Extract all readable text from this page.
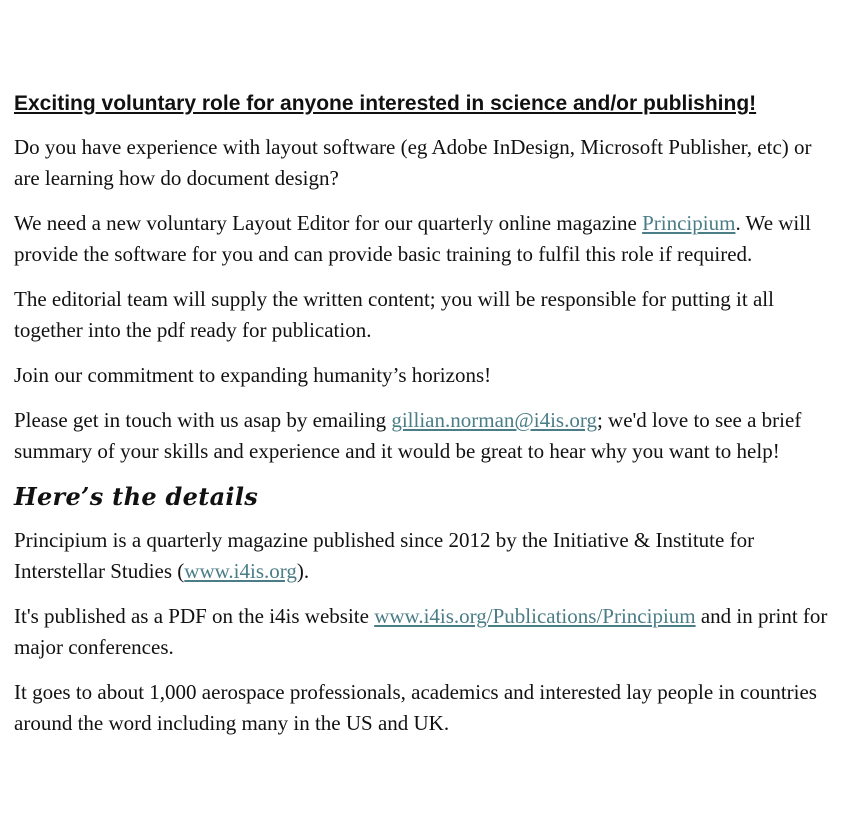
Exciting voluntary role for anyone interested in science and/or publishing!

Do you have experience with layout software (eg Adobe InDesign, Microsoft Publisher, etc) or are learning how do document design?

We need a new voluntary Layout Editor for our quarterly online magazine Principium. We will provide the software for you and can provide basic training to fulfil this role if required.

The editorial team will supply the written content; you will be responsible for putting it all together into the pdf ready for publication.

Join our commitment to expanding humanity’s horizons!

Please get in touch with us asap by emailing gillian.norman@i4is.org; we'd love to see a brief summary of your skills and experience and it would be great to hear why you want to help!

Here’s the details

Principium is a quarterly magazine published since 2012 by the Initiative & Institute for Interstellar Studies (www.i4is.org).

It's published as a PDF on the i4is website www.i4is.org/Publications/Principium and in print for major conferences.

It goes to about 1,000 aerospace professionals, academics and interested lay people in countries around the word including many in the US and UK.
